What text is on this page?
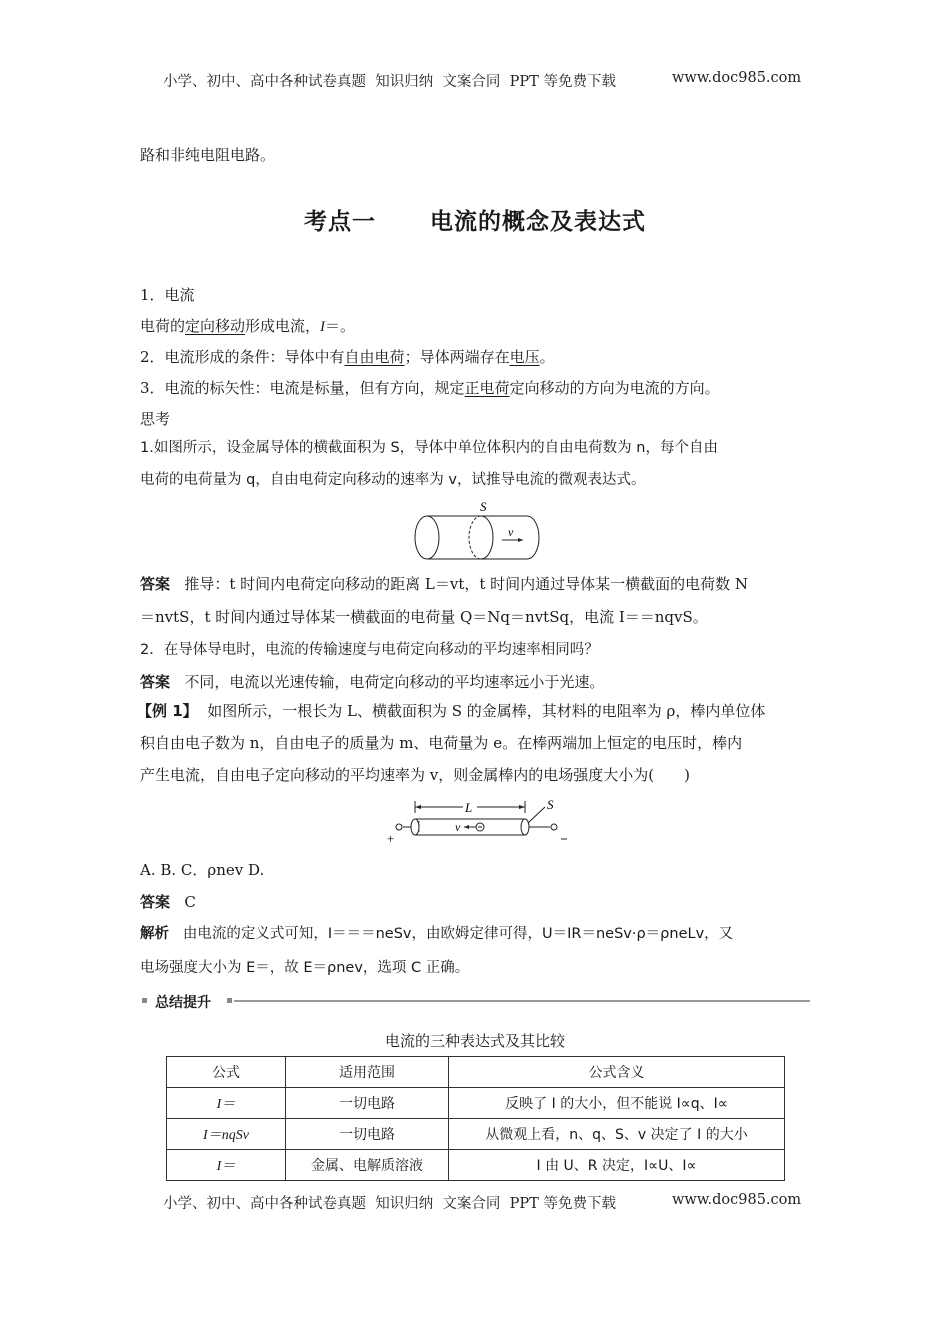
小学、初中、高中各种试卷真题  知识归纳  文案合同  PPT 等免费下载	www.doc985.com
路和非纯电阻电路。
考点一      电流的概念及表达式
1．电流
电荷的定向移动形成电流，I＝。
2．电流形成的条件：导体中有自由电荷；导体两端存在电压。
3．电流的标矢性：电流是标量，但有方向，规定正电荷定向移动的方向为电流的方向。
思考
1.如图所示，设金属导体的横截面积为 S，导体中单位体积内的自由电荷数为 n，每个自由
电荷的电荷量为 q，自由电荷定向移动的速率为 v，试推导电流的微观表达式。
S
v
答案 推导：t 时间内电荷定向移动的距离 L＝vt，t 时间内通过导体某一横截面的电荷数 N
＝nvtS，t 时间内通过导体某一横截面的电荷量 Q＝Nq＝nvtSq，电流 I＝＝nqvS。
2．在导体导电时，电流的传输速度与电荷定向移动的平均速率相同吗？
答案 不同，电流以光速传输，电荷定向移动的平均速率远小于光速。
【例 1】 如图所示，一根长为 L、横截面积为 S 的金属棒，其材料的电阻率为 ρ，棒内单位体
积自由电子数为 n，自由电子的质量为 m、电荷量为 e。在棒两端加上恒定的电压时，棒内
产生电流，自由电子定向移动的平均速率为 v，则金属棒内的电场强度大小为(　　)
L	S
+
v
A. B. C．ρnev D.
答案 C
解析 由电流的定义式可知，I＝＝＝neSv，由欧姆定律可得，U＝IR＝neSv·ρ＝ρneLv，又
电场强度大小为 E＝，故 E＝ρnev，选项 C 正确。
总结提升
电流的三种表达式及其比较
公式	适用范围	公式含义
I＝	一切电路	反映了 I 的大小，但不能说 I∝q、I∝
I＝nqSv	一切电路	从微观上看，n、q、S、v 决定了 I 的大小
I＝	金属、电解质溶液	I 由 U、R 决定，I∝U、I∝
小学、初中、高中各种试卷真题  知识归纳  文案合同  PPT 等免费下载	www.doc985.com
